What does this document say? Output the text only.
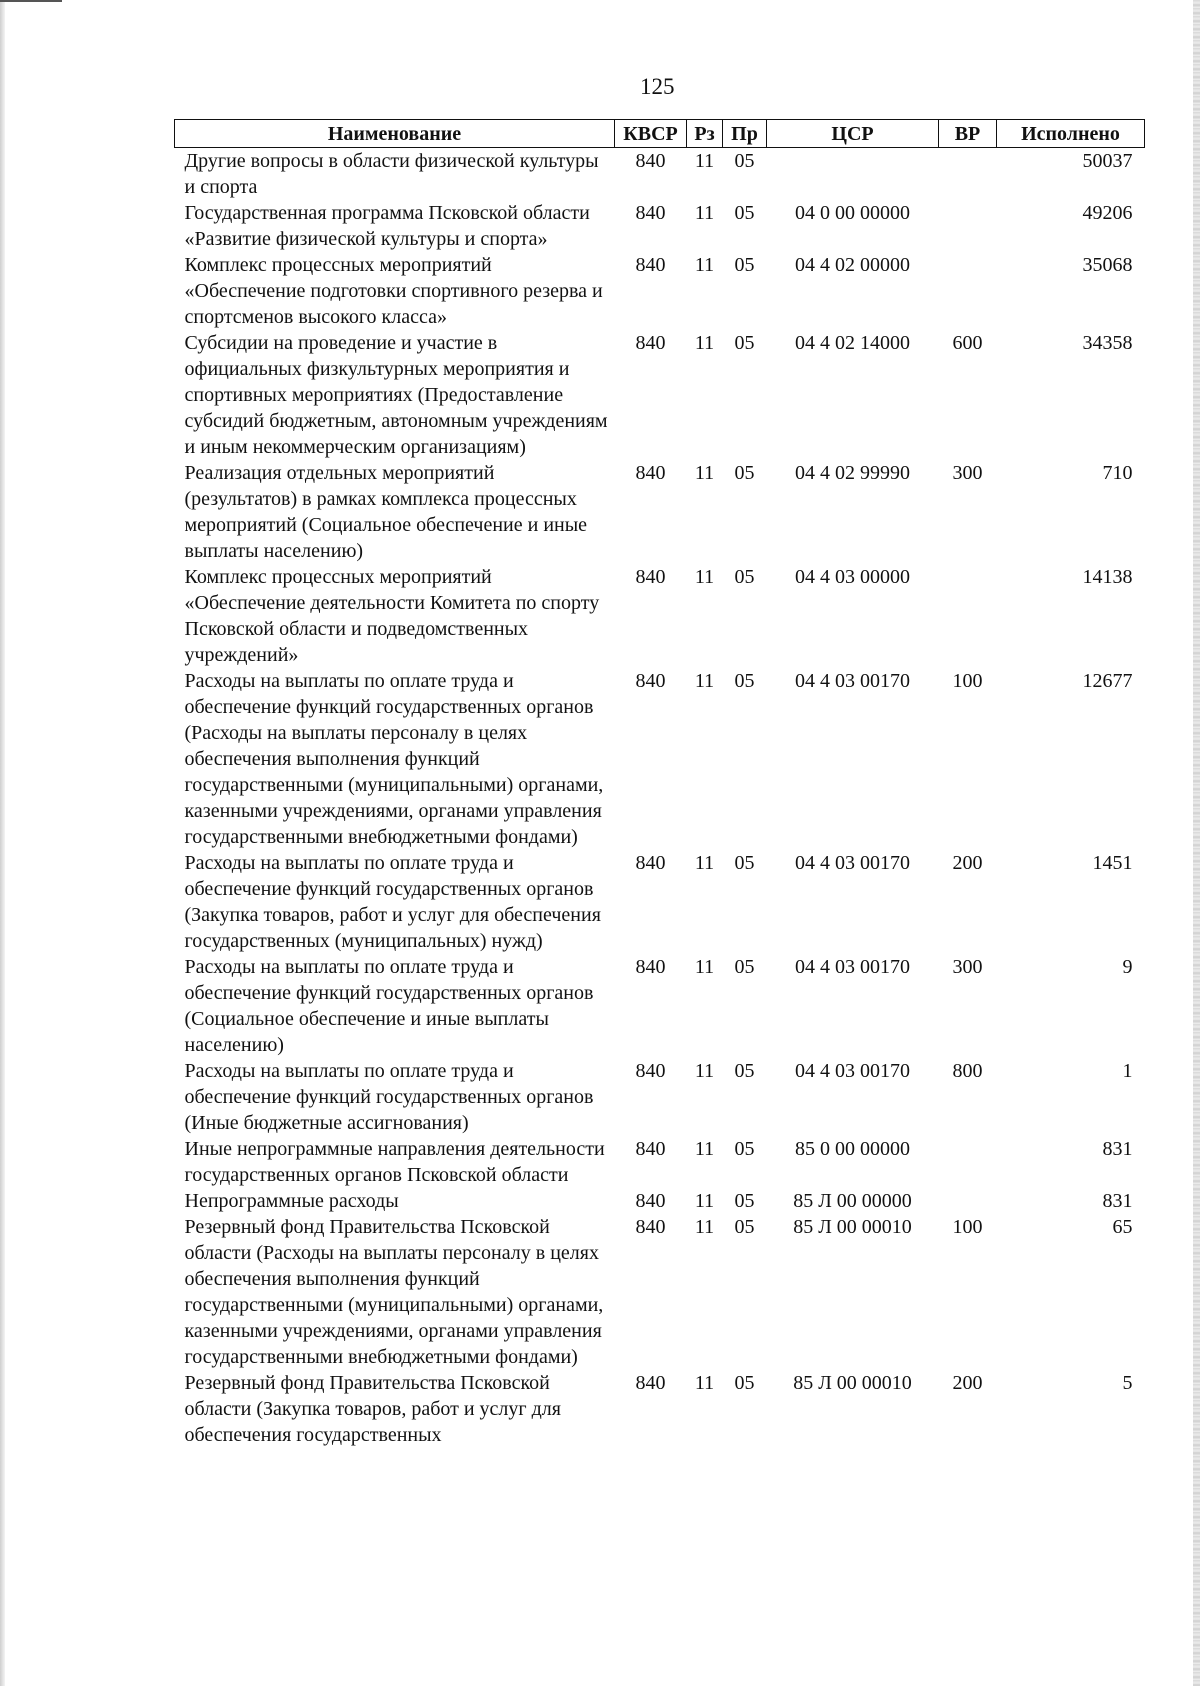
125
Наименование	КВСР	Рз	Пр	ЦСР	ВР	Исполнено
Другие вопросы в области физической культуры и спорта	840	11	05			50037
Государственная программа Псковской области «Развитие физической культуры и спорта»	840	11	05	04 0 00 00000		49206
Комплекс процессных мероприятий «Обеспечение подготовки спортивного резерва и спортсменов высокого класса»	840	11	05	04 4 02 00000		35068
Субсидии на проведение и участие в официальных физкультурных мероприятия и спортивных мероприятиях (Предоставление субсидий бюджетным, автономным учреждениям и иным некоммерческим организациям)	840	11	05	04 4 02 14000	600	34358
Реализация отдельных мероприятий (результатов) в рамках комплекса процессных мероприятий (Социальное обеспечение и иные выплаты населению)	840	11	05	04 4 02 99990	300	710
Комплекс процессных мероприятий «Обеспечение деятельности Комитета по спорту Псковской области и подведомственных учреждений»	840	11	05	04 4 03 00000		14138
Расходы на выплаты по оплате труда и обеспечение функций государственных органов (Расходы на выплаты персоналу в целях обеспечения выполнения функций государственными (муниципальными) органами, казенными учреждениями, органами управления государственными внебюджетными фондами)	840	11	05	04 4 03 00170	100	12677
Расходы на выплаты по оплате труда и обеспечение функций государственных органов (Закупка товаров, работ и услуг для обеспечения государственных (муниципальных) нужд)	840	11	05	04 4 03 00170	200	1451
Расходы на выплаты по оплате труда и обеспечение функций государственных органов (Социальное обеспечение и иные выплаты населению)	840	11	05	04 4 03 00170	300	9
Расходы на выплаты по оплате труда и обеспечение функций государственных органов (Иные бюджетные ассигнования)	840	11	05	04 4 03 00170	800	1
Иные непрограммные направления деятельности государственных органов Псковской области	840	11	05	85 0 00 00000		831
Непрограммные расходы	840	11	05	85 Л 00 00000		831
Резервный фонд Правительства Псковской области (Расходы на выплаты персоналу в целях обеспечения выполнения функций государственными (муниципальными) органами, казенными учреждениями, органами управления государственными внебюджетными фондами)	840	11	05	85 Л 00 00010	100	65
Резервный фонд Правительства Псковской области (Закупка товаров, работ и услуг для обеспечения государственных	840	11	05	85 Л 00 00010	200	5
